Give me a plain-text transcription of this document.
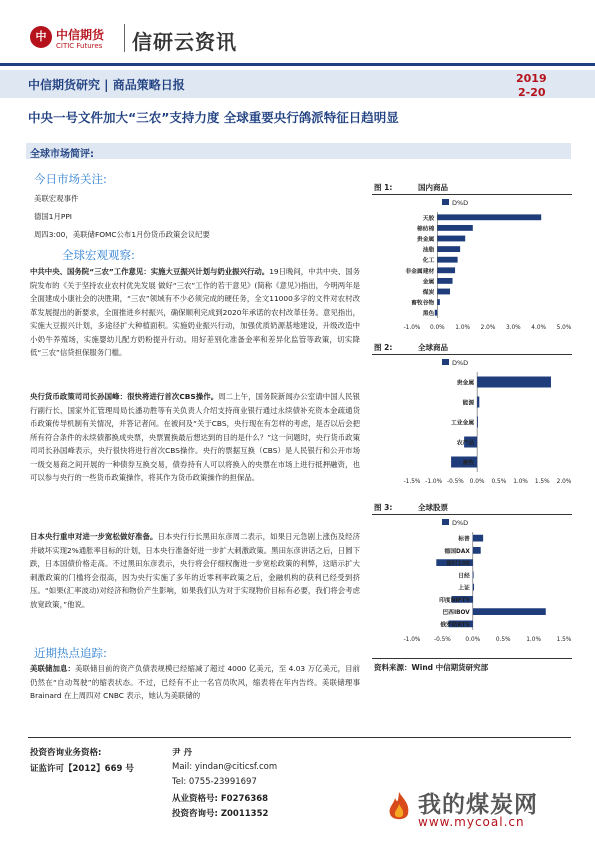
中 中信期货
CITIC Futures 信研云资讯
中信期货研究 | 商品策略日报	2019
2-20
中央一号文件加大“三农”支持力度 全球重要央行鸽派特征日趋明显
全球市场简评:
今日市场关注:
美联宏观事件
德国1月PPI
周四3:00，美联储FOMC公布1月份货币政策会议纪要
全球宏观观察:
中共中央、国务院“三农”工作意见：实施大豆振兴计划与奶业振兴行动。19日晚间，中共中央、国务院发布的《关于坚持农业农村优先发展 做好“三农”工作的若干意见》(简称《意见》)指出，今明两年是全面建成小康社会的决胜期，“三农”领域有不少必须完成的硬任务，全文11000多字的文件对农村改革发展提出的新要求，全面推进乡村振兴，确保顺利完成到2020年承诺的农村改革任务。意见指出，实施大豆振兴计划，多途径扩大种植面积。实施奶业振兴行动，加强优质奶源基地建设，升级改造中小奶牛养殖场，实施婴幼儿配方奶粉提升行动。用好差别化准备金率和差异化监管等政策，切实降低“三农”信贷担保服务门槛。
央行货币政策司司长孙国峰：很快将进行首次CBS操作。周二上午，国务院新闻办公室请中国人民银行副行长、国家外汇管理局局长潘功胜等有关负责人介绍支持商业银行通过永续债补充资本金疏通货币政策传导机制有关情况，并答记者问。在被问及“关于CBS，央行现在有怎样的考虑，是否以后会把所有符合条件的永续债都换成央票，央票置换最后想达到的目的是什么？”这一问题时，央行货币政策司司长孙国峰表示，央行很快将进行首次CBS操作。央行的票据互换（CBS）是人民银行和公开市场一级交易商之间开展的一种债券互换交易，债券持有人可以将换入的央票在市场上进行抵押融资，也可以参与央行的一些货币政策操作，将其作为货币政策操作的担保品。
日本央行重申对进一步宽松做好准备。日本央行行长黑田东彦周二表示，如果日元急剧上涨伤及经济并破坏实现2%通胀率目标的计划，日本央行准备好进一步扩大刺激政策。黑田东彦讲话之后，日圆下跌，日本国债价格走高。不过黑田东彦表示，央行将会仔细权衡进一步宽松政策的利弊，这暗示扩大刺激政策的门槛将会很高，因为央行实施了多年的近零利率政策之后，金融机构的获利已经受到挤压。“如果(汇率波动)对经济和物价产生影响，如果我们认为对于实现物价目标有必要，我们将会考虑放宽政策，”他说。
近期热点追踪:
美联储加息：美联储目前的资产负债表规模已经缩减了超过 4000 亿美元，至 4.03 万亿美元，目前仍然在“自动驾驶”的缩表状态。不过，已经有不止一名官员吹风，缩表将在年内告终。美联储理事 Brainard 在上周四对 CNBC 表示，她认为美联储的
图 1:	国内商品
D%D
天胶
棉纺棉
贵金属
油脂
化工
非金属建材
金属
煤炭
畜牧谷物
黑色
-1.0% 0.0% 1.0% 2.0% 3.0% 4.0% 5.0%
图 2:	全球商品
D%D
贵金属
能源
工业金属
农产品
畜牧
-1.5% -1.0% -0.5% 0.0% 0.5% 1.0% 1.5% 2.0%
图 3:	全球股票
D%D
标普
德国DAX
富时100
日经
上证
印度NIFTY
巴西IBOV
俄罗斯RTS
-1.0% -0.5%	0.0%	0.5%	1.0%	1.5%
资料来源：Wind 中信期货研究部
投资咨询业务资格:
证监许可【2012】669 号
尹 丹
Mail: yindan@citicsf.com
Tel: 0755-23991697
从业资格号: F0276368
投资咨询号: Z0011352	我的煤炭网
www.mycoal.cn
